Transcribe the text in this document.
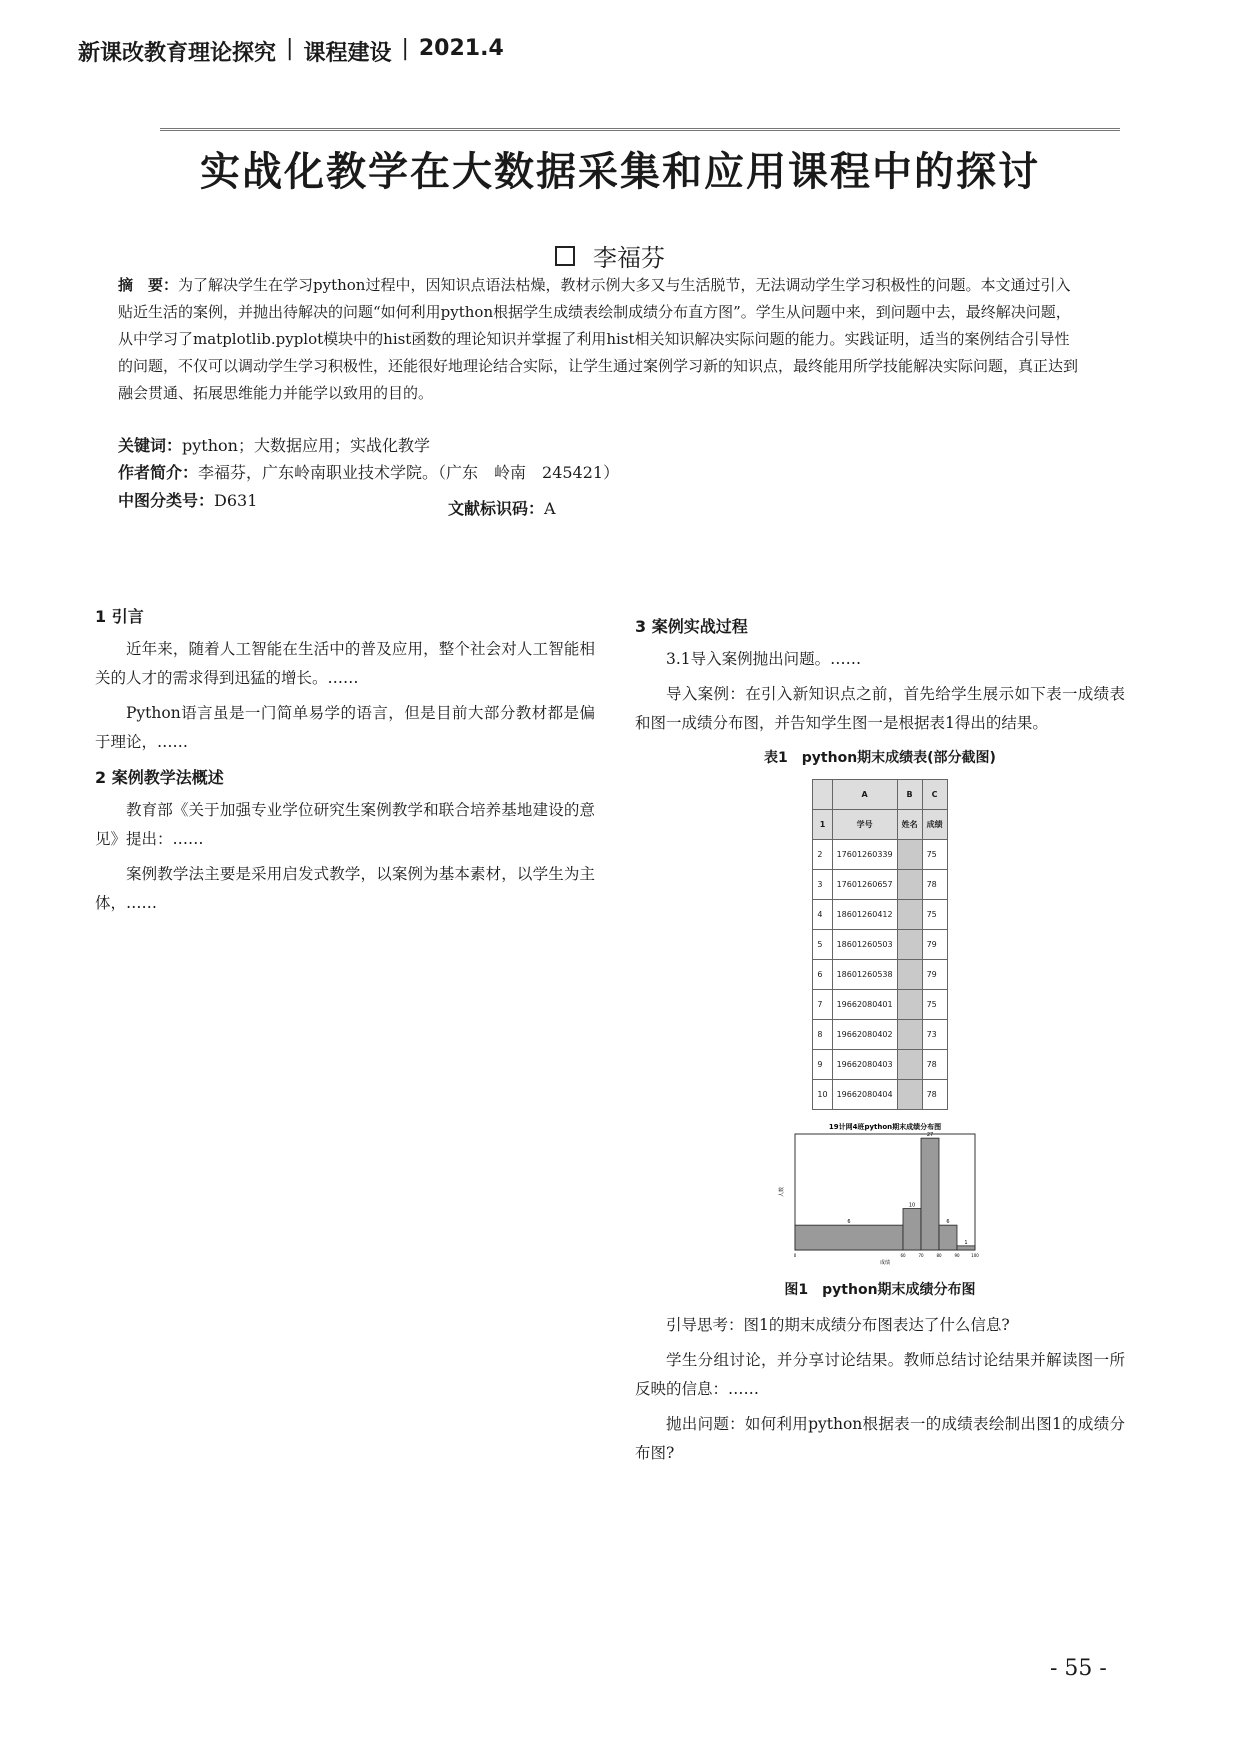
新课改教育理论探究 | 课程建设 | 2021.4
实战化教学在大数据采集和应用课程中的探讨
李福芬
摘　要：为了解决学生在学习python过程中，因知识点语法枯燥，教材示例大多又与生活脱节，无法调动学生学习积极性的问题。本文通过引入贴近生活的案例，并抛出待解决的问题“如何利用python根据学生成绩表绘制成绩分布直方图”。学生从问题中来，到问题中去，最终解决问题，从中学习了matplotlib.pyplot模块中的hist函数的理论知识并掌握了利用hist相关知识解决实际问题的能力。实践证明，适当的案例结合引导性的问题，不仅可以调动学生学习积极性，还能很好地理论结合实际，让学生通过案例学习新的知识点，最终能用所学技能解决实际问题，真正达到融会贯通、拓展思维能力并能学以致用的目的。
关键词：python；大数据应用；实战化教学
作者简介：李福芬，广东岭南职业技术学院。（广东　岭南　245421）
中图分类号：D631	文献标识码：A
1 引言

近年来，随着人工智能在生活中的普及应用，整个社会对人工智能相关的人才的需求得到迅猛的增长。……

Python语言虽是一门简单易学的语言，但是目前大部分教材都是偏于理论，……

2 案例教学法概述

教育部《关于加强专业学位研究生案例教学和联合培养基地建设的意见》提出：……

案例教学法主要是采用启发式教学，以案例为基本素材，以学生为主体，……

3 案例实战过程

3.1导入案例抛出问题。……

导入案例：在引入新知识点之前，首先给学生展示如下表一成绩表和图一成绩分布图，并告知学生图一是根据表1得出的结果。

表1　python期末成绩表(部分截图)
	A	B	C
1	学号	姓名	成绩
2	17601260339		75
3	17601260657		78
4	18601260412		75
5	18601260503		79
6	18601260538		79
7	19662080401		75
8	19662080402		73
9	19662080403		78
10	19662080404		78
19计网4班python期末成绩分布图
6
10
27
6
1
0	60	70	80	90	100
成绩
人数
图1　python期末成绩分布图

引导思考：图1的期末成绩分布图表达了什么信息?

学生分组讨论，并分享讨论结果。教师总结讨论结果并解读图一所反映的信息：……

抛出问题：如何利用python根据表一的成绩表绘制出图1的成绩分布图?

- 55 -
